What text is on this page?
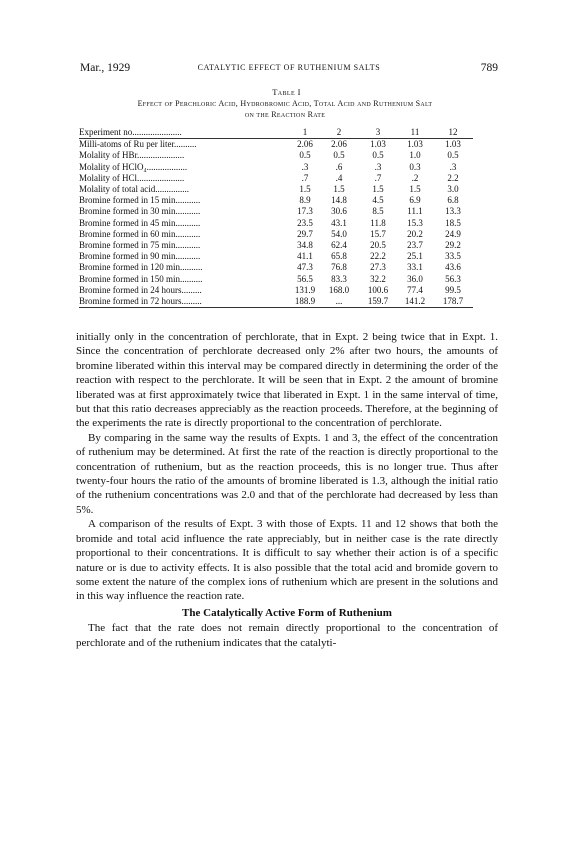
Mar., 1929	CATALYTIC EFFECT OF RUTHENIUM SALTS	789
Table I
Effect of Perchloric Acid, Hydrobromic Acid, Total Acid and Ruthenium Salt
on the Reaction Rate
Experiment no......................	1	2	3	11	12
Milli-atoms of Ru per liter..........	2.06	2.06	1.03	1.03	1.03
Molality of HBr.....................	0.5	0.5	0.5	1.0	0.5
Molality of HClO₄..................	.3	.6	.3	0.3	.3
Molality of HCl.....................	.7	.4	.7	.2	2.2
Molality of total acid...............	1.5	1.5	1.5	1.5	3.0
Bromine formed in 15 min...........	8.9	14.8	4.5	6.9	6.8
Bromine formed in 30 min...........	17.3	30.6	8.5	11.1	13.3
Bromine formed in 45 min...........	23.5	43.1	11.8	15.3	18.5
Bromine formed in 60 min...........	29.7	54.0	15.7	20.2	24.9
Bromine formed in 75 min...........	34.8	62.4	20.5	23.7	29.2
Bromine formed in 90 min...........	41.1	65.8	22.2	25.1	33.5
Bromine formed in 120 min..........	47.3	76.8	27.3	33.1	43.6
Bromine formed in 150 min..........	56.5	83.3	32.2	36.0	56.3
Bromine formed in 24 hours.........	131.9	168.0	100.6	77.4	99.5
Bromine formed in 72 hours.........	188.9	...	159.7	141.2	178.7

initially only in the concentration of perchlorate, that in Expt. 2 being twice that in Expt. 1. Since the concentration of perchlorate decreased only 2% after two hours, the amounts of bromine liberated within this interval may be compared directly in determining the order of the reaction with respect to the perchlorate. It will be seen that in Expt. 2 the amount of bromine liberated was at first approximately twice that liberated in Expt. 1 in the same interval of time, but that this ratio decreases appreciably as the reaction proceeds. Therefore, at the beginning of the experiments the rate is directly proportional to the concentration of perchlorate.

By comparing in the same way the results of Expts. 1 and 3, the effect of the concentration of ruthenium may be determined. At first the rate of the reaction is directly proportional to the concentration of ruthenium, but as the reaction proceeds, this is no longer true. Thus after twenty-four hours the ratio of the amounts of bromine liberated is 1.3, although the initial ratio of the ruthenium concentrations was 2.0 and that of the perchlorate had decreased by less than 5%.

A comparison of the results of Expt. 3 with those of Expts. 11 and 12 shows that both the bromide and total acid influence the rate appreciably, but in neither case is the rate directly proportional to their concentrations. It is difficult to say whether their action is of a specific nature or is due to activity effects. It is also possible that the total acid and bromide govern to some extent the nature of the complex ions of ruthenium which are present in the solutions and in this way influence the reaction rate.

The Catalytically Active Form of Ruthenium

The fact that the rate does not remain directly proportional to the concentration of perchlorate and of the ruthenium indicates that the catalyti-
